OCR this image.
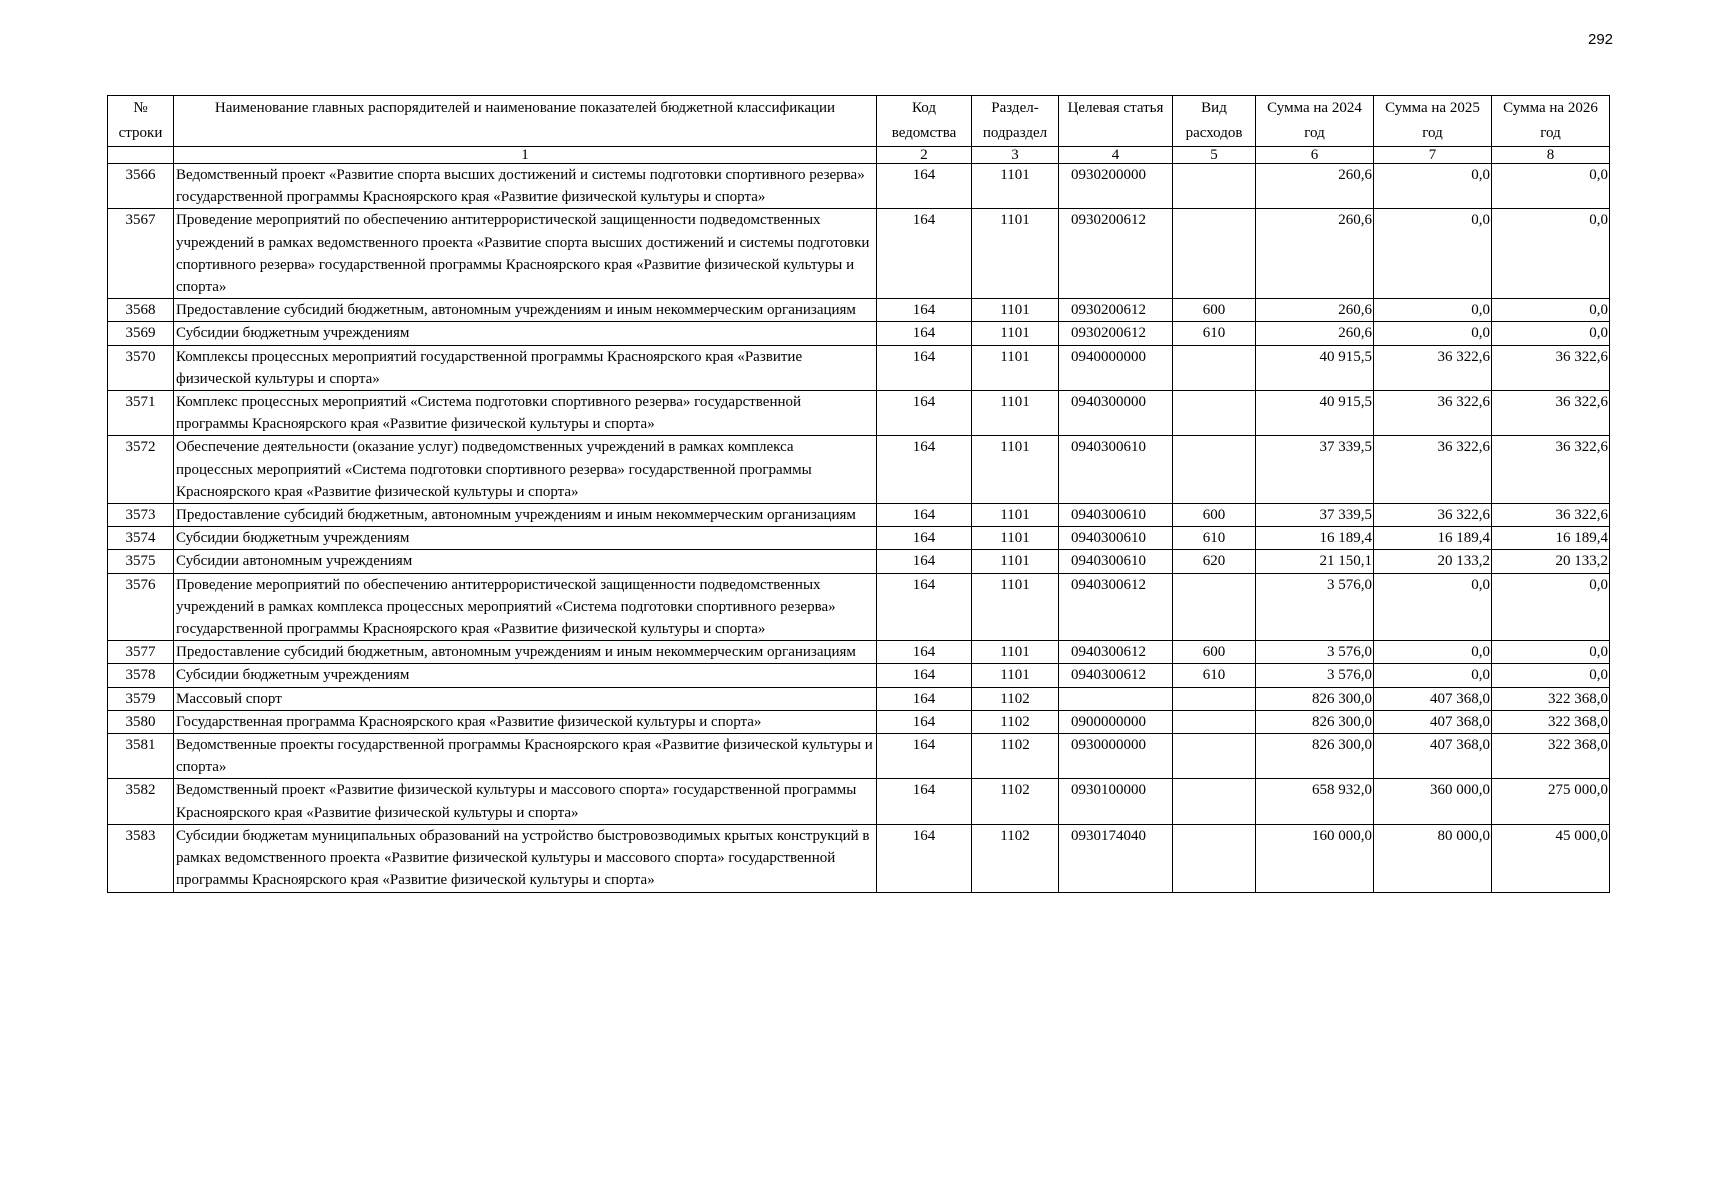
292
№ строки	Наименование главных распорядителей и наименование показателей бюджетной классификации	Код ведомства	Раздел-подраздел	Целевая статья	Вид расходов	Сумма на 2024 год	Сумма на 2025 год	Сумма на 2026 год
	1	2	3	4	5	6	7	8
3566	Ведомственный проект «Развитие спорта высших достижений и системы подготовки спортивного резерва» государственной программы Красноярского края «Развитие физической культуры и спорта»	164	1101	0930200000		260,6	0,0	0,0
3567	Проведение мероприятий по обеспечению антитеррористической защищенности подведомственных учреждений в рамках ведомственного проекта «Развитие спорта высших достижений и системы подготовки спортивного резерва» государственной программы Красноярского края «Развитие физической культуры и спорта»	164	1101	0930200612		260,6	0,0	0,0
3568	Предоставление субсидий бюджетным, автономным учреждениям и иным некоммерческим организациям	164	1101	0930200612	600	260,6	0,0	0,0
3569	Субсидии бюджетным учреждениям	164	1101	0930200612	610	260,6	0,0	0,0
3570	Комплексы процессных мероприятий государственной программы Красноярского края «Развитие физической культуры и спорта»	164	1101	0940000000		40 915,5	36 322,6	36 322,6
3571	Комплекс процессных мероприятий «Система подготовки спортивного резерва» государственной программы Красноярского края «Развитие физической культуры и спорта»	164	1101	0940300000		40 915,5	36 322,6	36 322,6
3572	Обеспечение деятельности (оказание услуг) подведомственных учреждений в рамках комплекса процессных мероприятий «Система подготовки спортивного резерва» государственной программы Красноярского края «Развитие физической культуры и спорта»	164	1101	0940300610		37 339,5	36 322,6	36 322,6
3573	Предоставление субсидий бюджетным, автономным учреждениям и иным некоммерческим организациям	164	1101	0940300610	600	37 339,5	36 322,6	36 322,6
3574	Субсидии бюджетным учреждениям	164	1101	0940300610	610	16 189,4	16 189,4	16 189,4
3575	Субсидии автономным учреждениям	164	1101	0940300610	620	21 150,1	20 133,2	20 133,2
3576	Проведение мероприятий по обеспечению антитеррористической защищенности подведомственных учреждений в рамках комплекса процессных мероприятий «Система подготовки спортивного резерва» государственной программы Красноярского края «Развитие физической культуры и спорта»	164	1101	0940300612		3 576,0	0,0	0,0
3577	Предоставление субсидий бюджетным, автономным учреждениям и иным некоммерческим организациям	164	1101	0940300612	600	3 576,0	0,0	0,0
3578	Субсидии бюджетным учреждениям	164	1101	0940300612	610	3 576,0	0,0	0,0
3579	Массовый спорт	164	1102			826 300,0	407 368,0	322 368,0
3580	Государственная программа Красноярского края «Развитие физической культуры и спорта»	164	1102	0900000000		826 300,0	407 368,0	322 368,0
3581	Ведомственные проекты государственной программы Красноярского края «Развитие физической культуры и спорта»	164	1102	0930000000		826 300,0	407 368,0	322 368,0
3582	Ведомственный проект «Развитие физической культуры и массового спорта» государственной программы Красноярского края «Развитие физической культуры и спорта»	164	1102	0930100000		658 932,0	360 000,0	275 000,0
3583	Субсидии бюджетам муниципальных образований на устройство быстровозводимых крытых конструкций в рамках ведомственного проекта «Развитие физической культуры и массового спорта» государственной программы Красноярского края «Развитие физической культуры и спорта»	164	1102	0930174040		160 000,0	80 000,0	45 000,0
